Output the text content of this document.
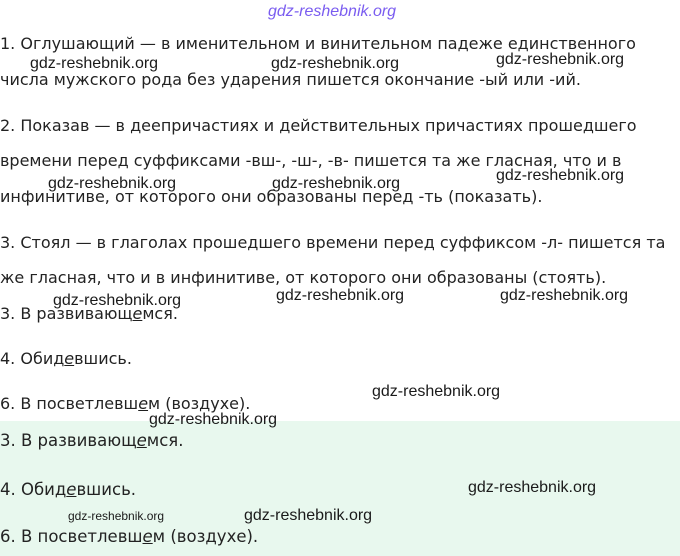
gdz-reshebnik.org
1. Оглушающий — в именительном и винительном падеже единственного
числа мужского рода без ударения пишется окончание -ый или -ий.
2. Показав — в деепричастиях и действительных причастиях прошедшего
времени перед суффиксами -вш-, -ш-, -в- пишется та же гласная, что и в
инфинитиве, от которого они образованы перед -ть (показать).
3. Стоял — в глаголах прошедшего времени перед суффиксом -л- пишется та
же гласная, что и в инфинитиве, от которого они образованы (стоять).
3. В развивающемся.
4. Обидевшись.
6. В посветлевшем (воздухе).
3. В развивающемся.
4. Обидевшись.
6. В посветлевшем (воздухе).
gdz-reshebnik.org	gdz-reshebnik.org	gdz-reshebnik.org
gdz-reshebnik.org	gdz-reshebnik.org	gdz-reshebnik.org
gdz-reshebnik.org	gdz-reshebnik.org	gdz-reshebnik.org
gdz-reshebnik.org
gdz-reshebnik.org
gdz-reshebnik.org
gdz-reshebnik.org	gdz-reshebnik.org
